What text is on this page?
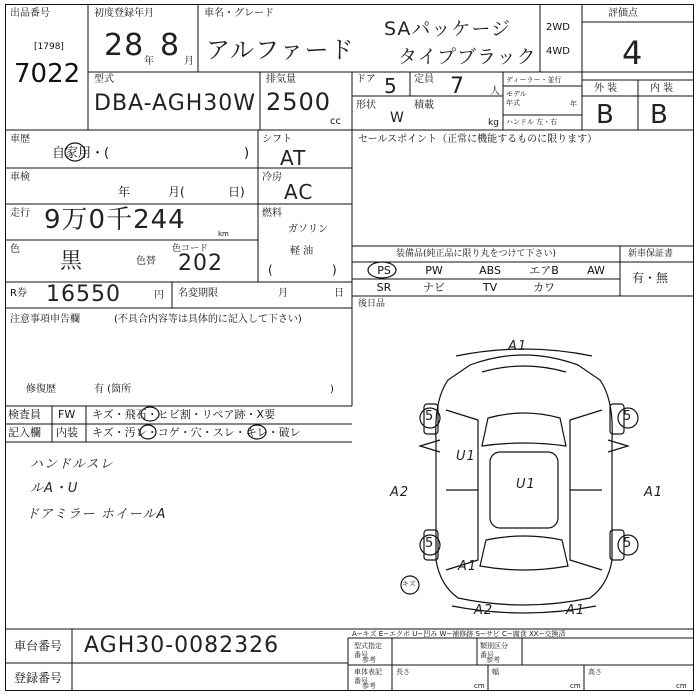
出品番号
[1798]
7022
初度登録年月
28 年 8 月
車名・グレード
アルファード
SAパッケージ
タイプブラック
2WD
4WD
評価点
4
型式
DBA-AGH30W
排気量
2500
cc
ドア 5 定員 7	人
形状
W
積載
kg
ディーラー・並行
モデル
年式	年
ハンドル 左・右
外 装	内 装
B B
車歴
自家用・(	)
シフト
AT
セールスポイント（正常に機能するものに限ります）
車検
年	月(	日)
冷房
AC
走行 9万0千244	km
燃料
ガソリン
軽 油
色 黒	色替
色コード
202	(	)
装備品(純正品に限り丸をつけて下さい)
PS	PW	ABS	エアB	AW
SR	ナビ	TV	カワ
新車保証書
有・無
後日品
R券 16550	円 名変期限	月	日
注意事項申告欄	(不具合内容等は具体的に記入して下さい)
修復歴	有 (箇所	)
検査員
記入欄
FW キズ・飛石・ヒビ割・リペア跡・X要
内装 キズ・汚レ・コゲ・穴・スレ・キレ・破レ
ハンドルスレ
ルA・U
ドアミラー ホイールA
A1
5	5
U1
U1
A2	A1
5	5
A1
A2	A1
キズ
車台番号 AGH30-0082326
登録番号
A−キズ E−エクボ U−凹み W−補修跡 S−サビ C−腐食 XX−交換済
型式指定
番号
参考
類別区分
番号
参考
車体表記
番号
参考
長さ
cm
幅
cm
高さ
cm
